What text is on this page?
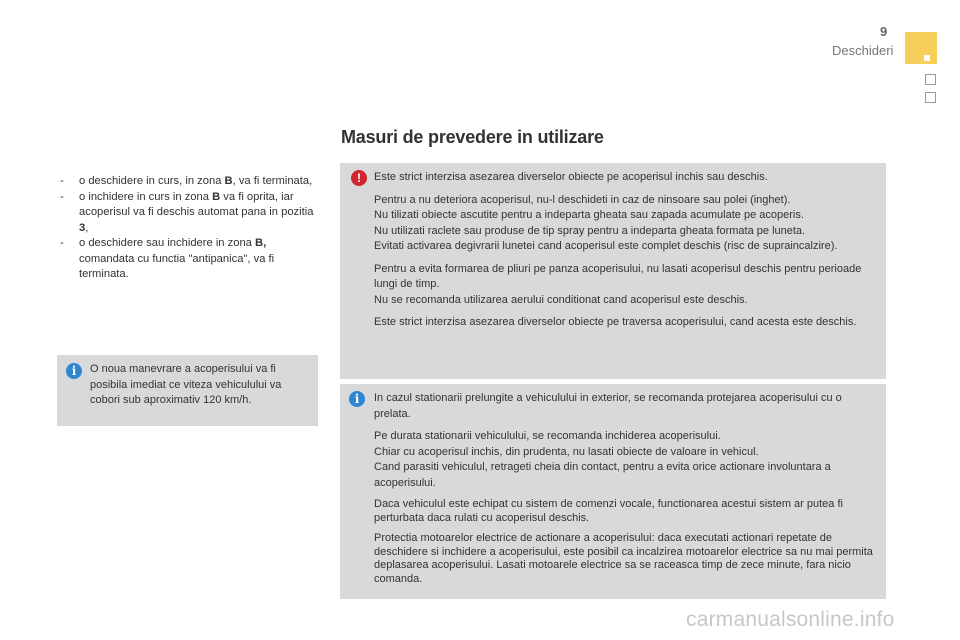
9
Deschideri
Masuri de prevedere in utilizare
- o deschidere in curs, in zona B, va fi terminata,
- o inchidere in curs in zona B va fi oprita, iar acoperisul va fi deschis automat pana in pozitia 3,
- o deschidere sau inchidere in zona B, comandata cu functia "antipanica", va fi terminata.
i	O noua manevrare a acoperisului va fi posibila imediat ce viteza vehiculului va cobori sub aproximativ 120 km/h.
!	Este strict interzisa asezarea diverselor obiecte pe acoperisul inchis sau deschis.

Pentru a nu deteriora acoperisul, nu-l deschideti in caz de ninsoare sau polei (inghet).

Nu tilizati obiecte ascutite pentru a indeparta gheata sau zapada acumulate pe acoperis.

Nu utilizati raclete sau produse de tip spray pentru a indeparta gheata formata pe luneta.

Evitati activarea degivrarii lunetei cand acoperisul este complet deschis (risc de supraincalzire).

Pentru a evita formarea de pliuri pe panza acoperisului, nu lasati acoperisul deschis pentru perioade lungi de timp.

Nu se recomanda utilizarea aerului conditionat cand acoperisul este deschis.

Este strict interzisa asezarea diverselor obiecte pe traversa acoperisului, cand acesta este deschis.

i	In cazul stationarii prelungite a vehiculului in exterior, se recomanda protejarea acoperisului cu o prelata.

Pe durata stationarii vehiculului, se recomanda inchiderea acoperisului.

Chiar cu acoperisul inchis, din prudenta, nu lasati obiecte de valoare in vehicul.

Cand parasiti vehiculul, retrageti cheia din contact, pentru a evita orice actionare involuntara a acoperisului.

Daca vehiculul este echipat cu sistem de comenzi vocale, functionarea acestui sistem ar putea fi perturbata daca rulati cu acoperisul deschis.

Protectia motoarelor electrice de actionare a acoperisului: daca executati actionari repetate de deschidere si inchidere a acoperisului, este posibil ca incalzirea motoarelor electrice sa nu mai permita deplasarea acoperisului. Lasati motoarele electrice sa se raceasca timp de zece minute, fara nicio comanda.

carmanualsonline.info
